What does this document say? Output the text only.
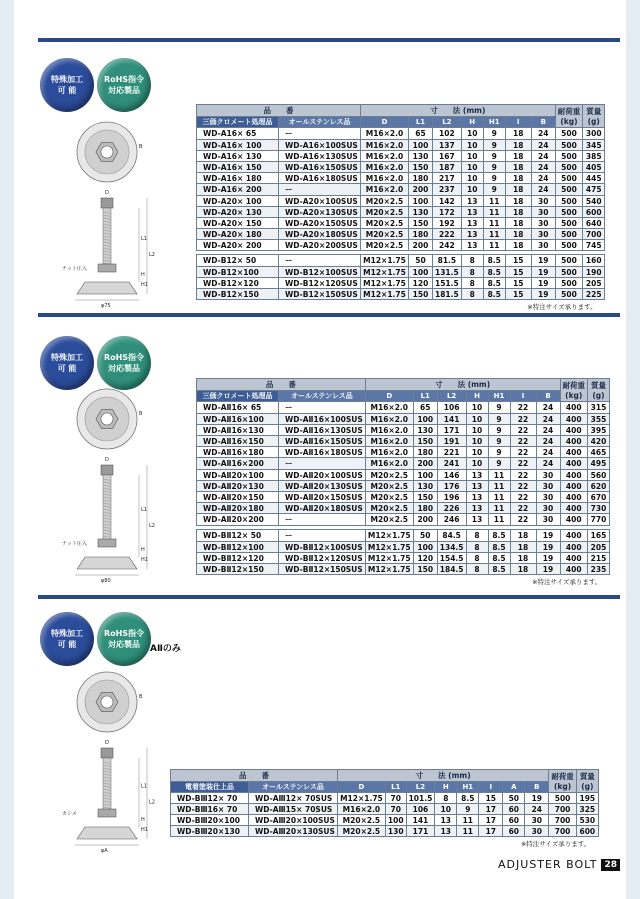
特殊加工
可 能
RoHS指令
対応製品
B
D
L1
L2
H
H1
ナット圧入
φ75
品　　番		寸　　法 (mm)							耐荷重
(kg)	質量
(g)
三価クロメート処理品	オールステンレス品	D	L1	L2	H	H1	I	B		
WD-A16× 65	ー	M16×2.0	65	102	10	9	18	24	500	300
WD-A16× 100	WD-A16×100SUS	M16×2.0	100	137	10	9	18	24	500	345
WD-A16× 130	WD-A16×130SUS	M16×2.0	130	167	10	9	18	24	500	385
WD-A16× 150	WD-A16×150SUS	M16×2.0	150	187	10	9	18	24	500	405
WD-A16× 180	WD-A16×180SUS	M16×2.0	180	217	10	9	18	24	500	445
WD-A16× 200	ー	M16×2.0	200	237	10	9	18	24	500	475
WD-A20× 100	WD-A20×100SUS	M20×2.5	100	142	13	11	18	30	500	540
WD-A20× 130	WD-A20×130SUS	M20×2.5	130	172	13	11	18	30	500	600
WD-A20× 150	WD-A20×150SUS	M20×2.5	150	192	13	11	18	30	500	640
WD-A20× 180	WD-A20×180SUS	M20×2.5	180	222	13	11	18	30	500	700
WD-A20× 200	WD-A20×200SUS	M20×2.5	200	242	13	11	18	30	500	745

WD-B12× 50	ー	M12×1.75	50	81.5	8	8.5	15	19	500	160
WD-B12×100	WD-B12×100SUS	M12×1.75	100	131.5	8	8.5	15	19	500	190
WD-B12×120	WD-B12×120SUS	M12×1.75	120	151.5	8	8.5	15	19	500	205
WD-B12×150	WD-B12×150SUS	M12×1.75	150	181.5	8	8.5	15	19	500	225
※特注サイズ承ります。
特殊加工
可 能
RoHS指令
対応製品
B
D
L1
L2
H
H1
ナット圧入
φ80
品　　番		寸　　法 (mm)							耐荷重
(kg)	質量
(g)
三価クロメート処理品	オールステンレス品	D	L1	L2	H	H1	I	B		
WD-AⅡ16× 65	ー	M16×2.0	65	106	10	9	22	24	400	315
WD-AⅡ16×100	WD-AⅡ16×100SUS	M16×2.0	100	141	10	9	22	24	400	355
WD-AⅡ16×130	WD-AⅡ16×130SUS	M16×2.0	130	171	10	9	22	24	400	395
WD-AⅡ16×150	WD-AⅡ16×150SUS	M16×2.0	150	191	10	9	22	24	400	420
WD-AⅡ16×180	WD-AⅡ16×180SUS	M16×2.0	180	221	10	9	22	24	400	465
WD-AⅡ16×200	ー	M16×2.0	200	241	10	9	22	24	400	495
WD-AⅡ20×100	WD-AⅡ20×100SUS	M20×2.5	100	146	13	11	22	30	400	560
WD-AⅡ20×130	WD-AⅡ20×130SUS	M20×2.5	130	176	13	11	22	30	400	620
WD-AⅡ20×150	WD-AⅡ20×150SUS	M20×2.5	150	196	13	11	22	30	400	670
WD-AⅡ20×180	WD-AⅡ20×180SUS	M20×2.5	180	226	13	11	22	30	400	730
WD-AⅡ20×200	ー	M20×2.5	200	246	13	11	22	30	400	770

WD-BⅡ12× 50	ー	M12×1.75	50	84.5	8	8.5	18	19	400	165
WD-BⅡ12×100	WD-BⅡ12×100SUS	M12×1.75	100	134.5	8	8.5	18	19	400	205
WD-BⅡ12×120	WD-BⅡ12×120SUS	M12×1.75	120	154.5	8	8.5	18	19	400	215
WD-BⅡ12×150	WD-BⅡ12×150SUS	M12×1.75	150	184.5	8	8.5	18	19	400	235
※特注サイズ承ります。
特殊加工
可 能
RoHS指令
対応製品
B
D
L1
L2
H
H1
カシメ
φA
品　　番		寸　　法 (mm)								耐荷重
(kg)	質量
(g)
電着塗装仕上品	オールステンレス品	D	L1	L2	H	H1	I	A	B		
WD-BⅢ12× 70	WD-AⅢ12× 70SUS	M12×1.75	70	101.5	8	8.5	15	50	19	500	195
WD-BⅢ16× 70	WD-AⅢ15× 70SUS	M16×2.0	70	106	10	9	17	60	24	700	325
WD-BⅢ20×100	WD-AⅢ20×100SUS	M20×2.5	100	141	13	11	17	60	30	700	530
WD-BⅢ20×130	WD-AⅢ20×130SUS	M20×2.5	130	171	13	11	17	60	30	700	600
※特注サイズ承ります。
AⅡのみ
ADJUSTER BOLT 28
